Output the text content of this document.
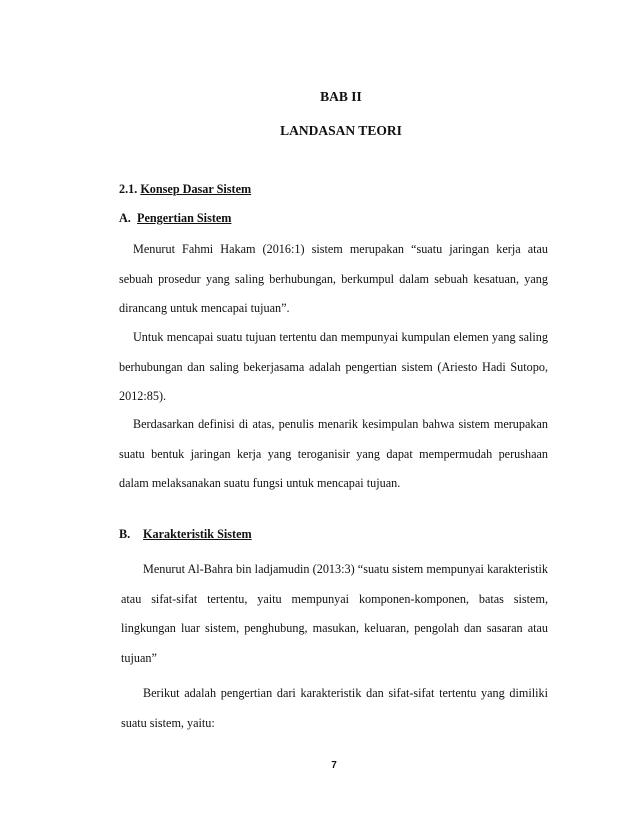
BAB II
LANDASAN TEORI
2.1. Konsep Dasar Sistem
A. Pengertian Sistem

Menurut Fahmi Hakam (2016:1) sistem merupakan “suatu jaringan kerja atau sebuah prosedur yang saling berhubungan, berkumpul dalam sebuah kesatuan, yang dirancang untuk mencapai tujuan”.

Untuk mencapai suatu tujuan tertentu dan mempunyai kumpulan elemen yang saling berhubungan dan saling bekerjasama adalah pengertian sistem (Ariesto Hadi Sutopo, 2012:85).

Berdasarkan definisi di atas, penulis menarik kesimpulan bahwa sistem merupakan suatu bentuk jaringan kerja yang teroganisir yang dapat mempermudah perushaan dalam melaksanakan suatu fungsi untuk mencapai tujuan.

B. Karakteristik Sistem

Menurut Al-Bahra bin ladjamudin (2013:3) “suatu sistem mempunyai karakteristik atau sifat-sifat tertentu, yaitu mempunyai komponen-komponen, batas sistem, lingkungan luar sistem, penghubung, masukan, keluaran, pengolah dan sasaran atau tujuan”

Berikut adalah pengertian dari karakteristik dan sifat-sifat tertentu yang dimiliki suatu sistem, yaitu:

7
